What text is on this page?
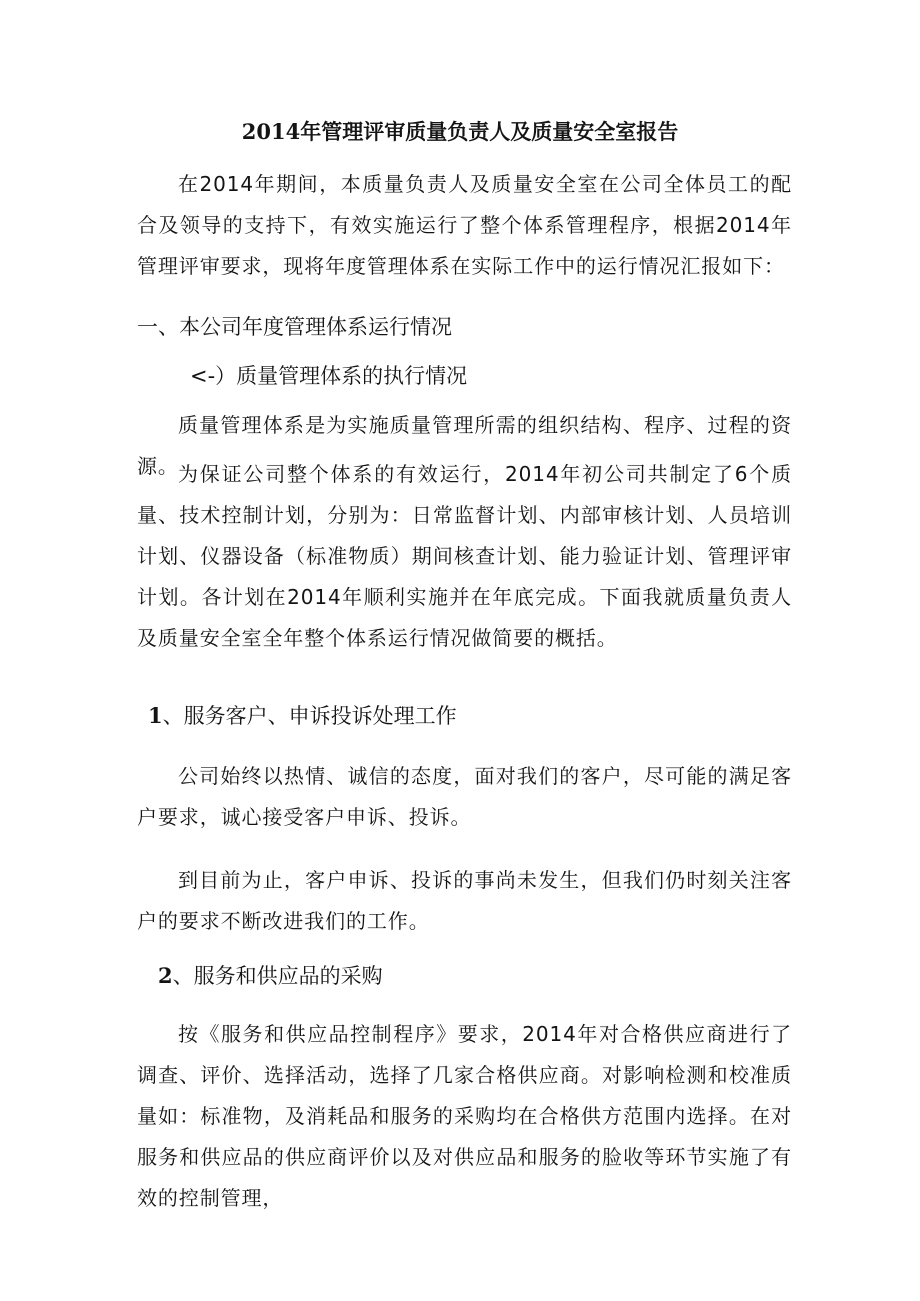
2014年管理评审质量负责人及质量安全室报告

在2014年期间，本质量负责人及质量安全室在公司全体员工的配合及领导的支持下，有效实施运行了整个体系管理程序，根据2014年管理评审要求，现将年度管理体系在实际工作中的运行情况汇报如下：

一、本公司年度管理体系运行情况
<-）质量管理体系的执行情况

质量管理体系是为实施质量管理所需的组织结构、程序、过程的资源。 为保证公司整个体系的有效运行，2014年初公司共制定了6个质量、技术控制计划，分别为：日常监督计划、内部审核计划、人员培训计划、仪器设备（标准物质）期间核查计划、能力验证计划、管理评审计划。各计划在2014年顺利实施并在年底完成。下面我就质量负责人及质量安全室全年整个体系运行情况做简要的概括。

1、服务客户、申诉投诉处理工作

公司始终以热情、诚信的态度，面对我们的客户，尽可能的满足客户要求，诚心接受客户申诉、投诉。

到目前为止，客户申诉、投诉的事尚未发生，但我们仍时刻关注客户的要求不断改进我们的工作。

2、服务和供应品的采购

按《服务和供应品控制程序》要求，2014年对合格供应商进行了调查、评价、选择活动，选择了几家合格供应商。对影响检测和校准质量如：标准物，及消耗品和服务的采购均在合格供方范围内选择。在对服务和供应品的供应商评价以及对供应品和服务的脸收等环节实施了有效的控制管理，
